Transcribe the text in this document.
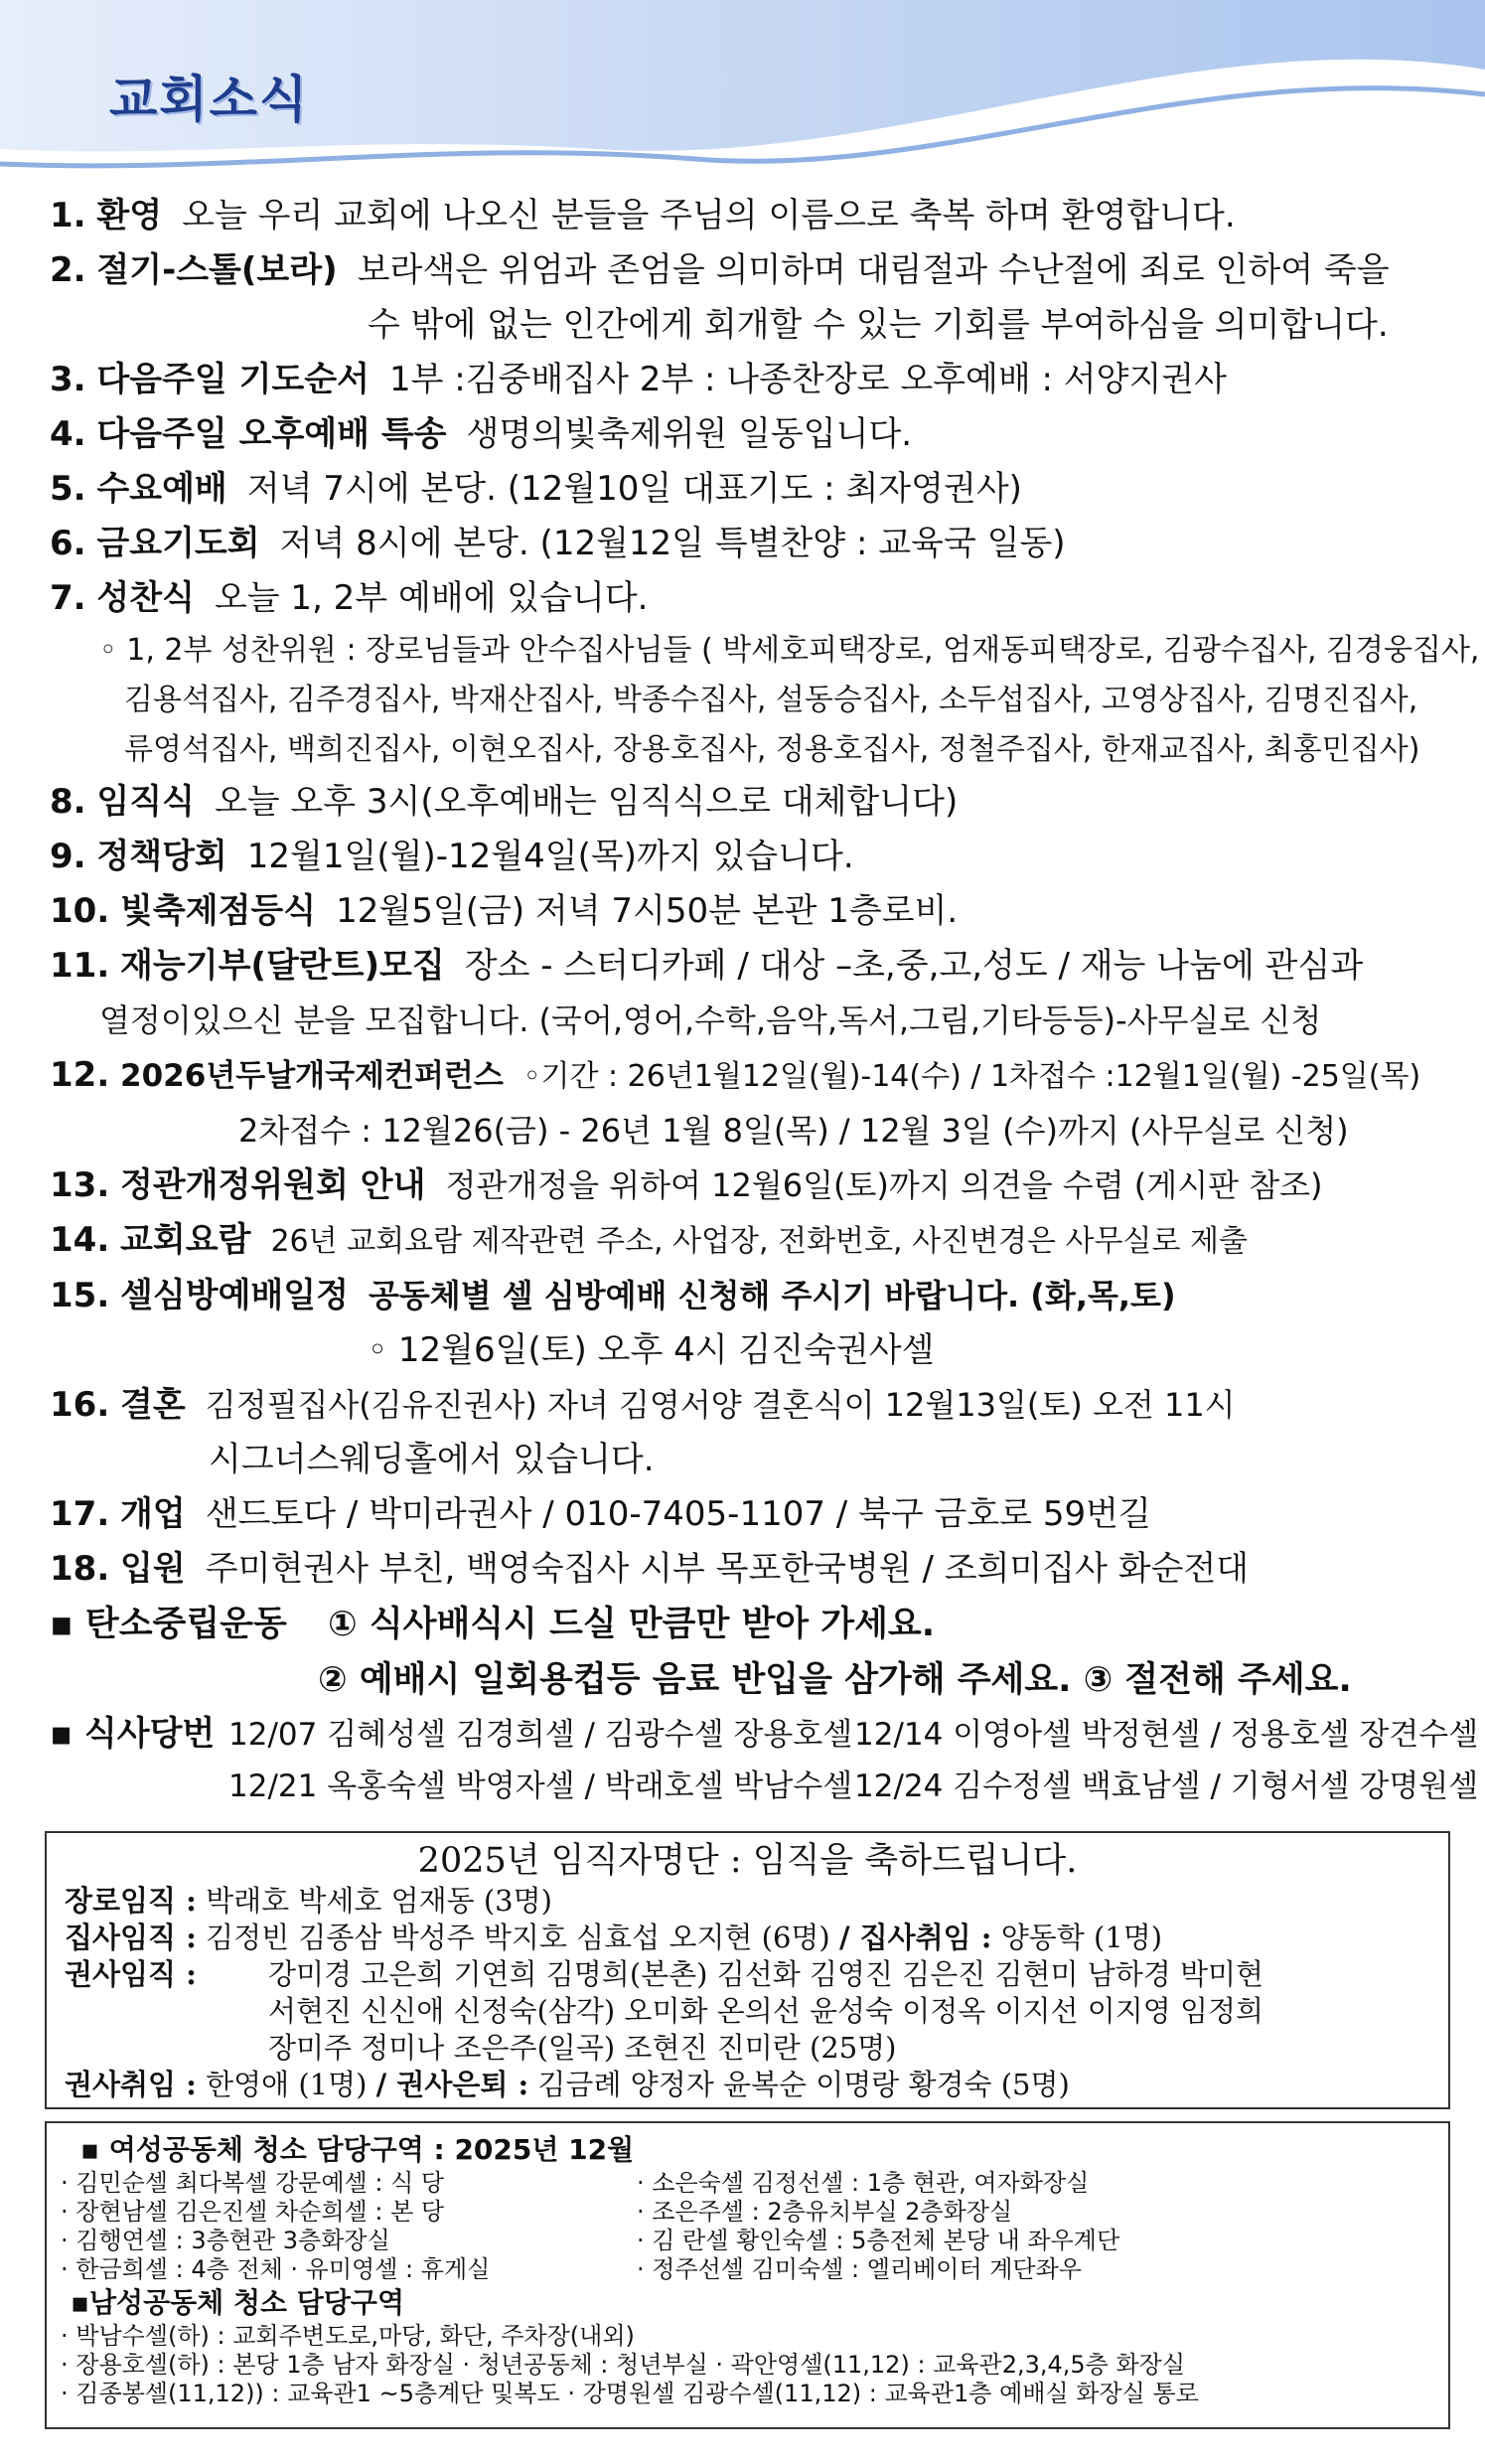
교회소식
1. 환영 오늘 우리 교회에 나오신 분들을 주님의 이름으로 축복 하며 환영합니다.
2. 절기-스톨(보라) 보라색은 위엄과 존엄을 의미하며 대림절과 수난절에 죄로 인하여 죽을
수 밖에 없는 인간에게 회개할 수 있는 기회를 부여하심을 의미합니다.
3. 다음주일 기도순서 1부 :김중배집사 2부 : 나종찬장로 오후예배 : 서양지권사
4. 다음주일 오후예배 특송 생명의빛축제위원 일동입니다.
5. 수요예배 저녁 7시에 본당. (12월10일 대표기도 : 최자영권사)
6. 금요기도회 저녁 8시에 본당. (12월12일 특별찬양 : 교육국 일동)
7. 성찬식 오늘 1, 2부 예배에 있습니다.
◦ 1, 2부 성찬위원 : 장로님들과 안수집사님들 ( 박세호피택장로, 엄재동피택장로, 김광수집사, 김경웅집사,
김용석집사, 김주경집사, 박재산집사, 박종수집사, 설동승집사, 소두섭집사, 고영상집사, 김명진집사,
류영석집사, 백희진집사, 이현오집사, 장용호집사, 정용호집사, 정철주집사, 한재교집사, 최홍민집사)
8. 임직식 오늘 오후 3시(오후예배는 임직식으로 대체합니다)
9. 정책당회 12월1일(월)-12월4일(목)까지 있습니다.
10. 빛축제점등식 12월5일(금) 저녁 7시50분 본관 1층로비.
11. 재능기부(달란트)모집 장소 - 스터디카페 / 대상 –초,중,고,성도 / 재능 나눔에 관심과
열정이있으신 분을 모집합니다. (국어,영어,수학,음악,독서,그림,기타등등)-사무실로 신청
12. 2026년두날개국제컨퍼런스 ◦기간 : 26년1월12일(월)-14(수) / 1차접수 :12월1일(월) -25일(목)
2차접수 : 12월26(금) - 26년 1월 8일(목) / 12월 3일 (수)까지 (사무실로 신청)
13. 정관개정위원회 안내 정관개정을 위하여 12월6일(토)까지 의견을 수렴 (게시판 참조)
14. 교회요람 26년 교회요람 제작관련 주소, 사업장, 전화번호, 사진변경은 사무실로 제출
15. 셀심방예배일정 공동체별 셀 심방예배 신청해 주시기 바랍니다. (화,목,토)
◦ 12월6일(토) 오후 4시 김진숙권사셀
16. 결혼 김정필집사(김유진권사) 자녀 김영서양 결혼식이 12월13일(토) 오전 11시
시그너스웨딩홀에서 있습니다.
17. 개업 샌드토다 / 박미라권사 / 010-7405-1107 / 북구 금호로 59번길
18. 입원 주미현권사 부친, 백영숙집사 시부 목포한국병원 / 조희미집사 화순전대
▪ 탄소중립운동 ① 식사배식시 드실 만큼만 받아 가세요.
② 예배시 일회용컵등 음료 반입을 삼가해 주세요. ③ 절전해 주세요.
▪ 식사당번 12/07 김혜성셀 김경희셀 / 김광수셀 장용호셀12/14 이영아셀 박정현셀 / 정용호셀 장견수셀
12/21 옥홍숙셀 박영자셀 / 박래호셀 박남수셀12/24 김수정셀 백효남셀 / 기형서셀 강명원셀
2025년 임직자명단 : 임직을 축하드립니다.
장로임직 : 박래호 박세호 엄재동 (3명)
집사임직 : 김정빈 김종삼 박성주 박지호 심효섭 오지현 (6명) / 집사취임 : 양동학 (1명)
권사임직 :	강미경 고은희 기연희 김명희(본촌) 김선화 김영진 김은진 김현미 남하경 박미현
서현진 신신애 신정숙(삼각) 오미화 온의선 윤성숙 이정옥 이지선 이지영 임정희
장미주 정미나 조은주(일곡) 조현진 진미란 (25명)
권사취임 : 한영애 (1명) / 권사은퇴 : 김금례 양정자 윤복순 이명랑 황경숙 (5명)
▪ 여성공동체 청소 담당구역 : 2025년 12월
· 김민순셀 최다복셀 강문예셀 : 식 당	· 소은숙셀 김정선셀 : 1층 현관, 여자화장실
· 장현남셀 김은진셀 차순희셀 : 본 당	· 조은주셀 : 2층유치부실 2층화장실
· 김행연셀 : 3층현관 3층화장실	· 김 란셀 황인숙셀 : 5층전체 본당 내 좌우계단
· 한금희셀 : 4층 전체 · 유미영셀 : 휴게실	· 정주선셀 김미숙셀 : 엘리베이터 계단좌우
▪남성공동체 청소 담당구역
· 박남수셀(하) : 교회주변도로,마당, 화단, 주차장(내외)
· 장용호셀(하) : 본당 1층 남자 화장실 · 청년공동체 : 청년부실 · 곽안영셀(11,12) : 교육관2,3,4,5층 화장실
· 김종봉셀(11,12)) : 교육관1 ~5층계단 및복도 · 강명원셀 김광수셀(11,12) : 교육관1층 예배실 화장실 통로
